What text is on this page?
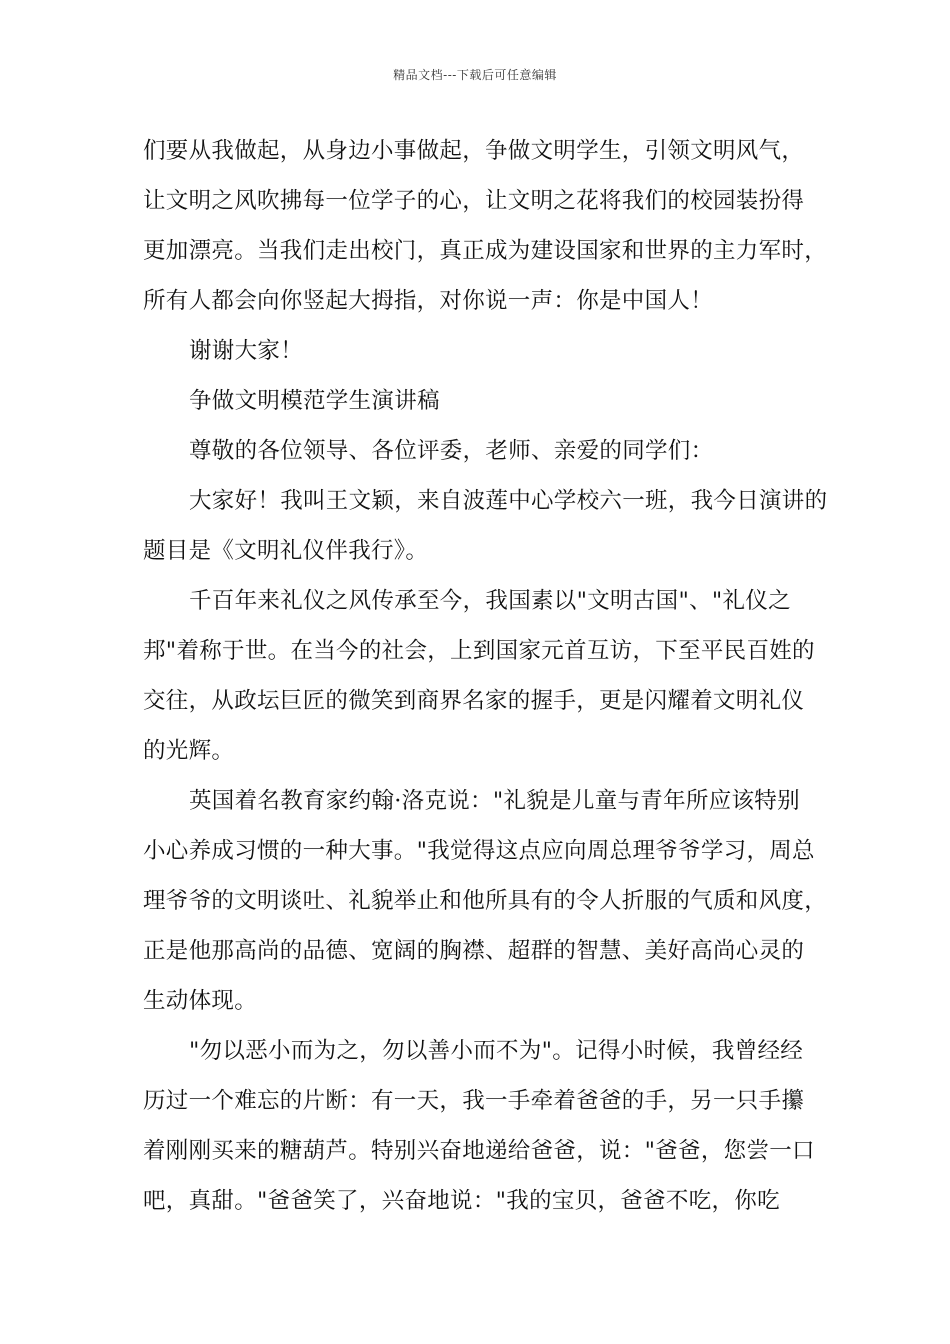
精品文档---下载后可任意编辑
们要从我做起，从身边小事做起，争做文明学生，引领文明风气，
让文明之风吹拂每一位学子的心，让文明之花将我们的校园装扮得
更加漂亮。当我们走出校门，真正成为建设国家和世界的主力军时，
所有人都会向你竖起大拇指，对你说一声：你是中国人！
谢谢大家！
争做文明模范学生演讲稿
尊敬的各位领导、各位评委，老师、亲爱的同学们：
大家好！我叫王文颖，来自波莲中心学校六一班，我今日演讲的
题目是《文明礼仪伴我行》。
千百年来礼仪之风传承至今，我国素以"文明古国"、"礼仪之
邦"着称于世。在当今的社会，上到国家元首互访，下至平民百姓的
交往，从政坛巨匠的微笑到商界名家的握手，更是闪耀着文明礼仪
的光辉。
英国着名教育家约翰·洛克说："礼貌是儿童与青年所应该特别
小心养成习惯的一种大事。"我觉得这点应向周总理爷爷学习，周总
理爷爷的文明谈吐、礼貌举止和他所具有的令人折服的气质和风度，
正是他那高尚的品德、宽阔的胸襟、超群的智慧、美好高尚心灵的
生动体现。
"勿以恶小而为之，勿以善小而不为"。记得小时候，我曾经经
历过一个难忘的片断：有一天，我一手牵着爸爸的手，另一只手攥
着刚刚买来的糖葫芦。特别兴奋地递给爸爸，说："爸爸，您尝一口
吧，真甜。"爸爸笑了，兴奋地说："我的宝贝，爸爸不吃，你吃
